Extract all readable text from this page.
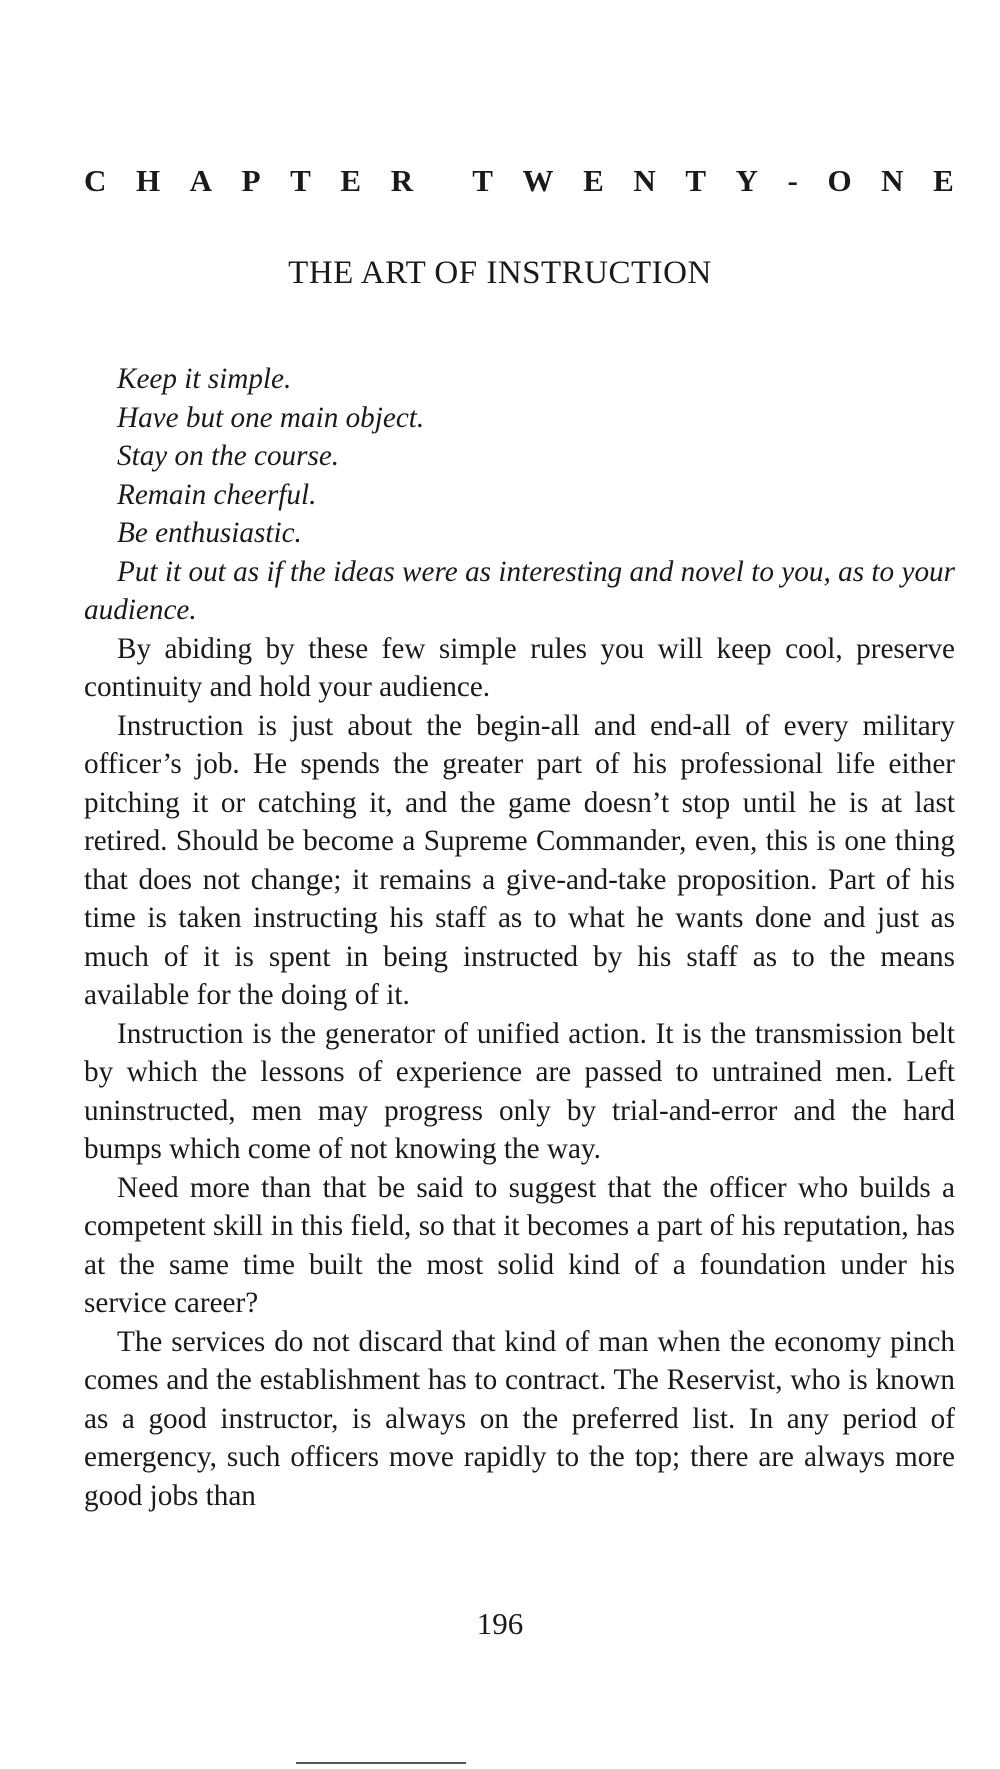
C H A P T E R T W E N T Y - O N E
THE ART OF INSTRUCTION

Keep it simple.

Have but one main object.

Stay on the course.

Remain cheerful.

Be enthusiastic.

Put it out as if the ideas were as interesting and novel to you, as to your audience.

By abiding by these few simple rules you will keep cool, preserve continuity and hold your audience.

Instruction is just about the begin-all and end-all of every military officer’s job. He spends the greater part of his professional life either pitching it or catching it, and the game doesn’t stop until he is at last retired. Should be become a Supreme Commander, even, this is one thing that does not change; it remains a give-and-take proposition. Part of his time is taken instructing his staff as to what he wants done and just as much of it is spent in being instructed by his staff as to the means available for the doing of it.

Instruction is the generator of unified action. It is the transmission belt by which the lessons of experience are passed to untrained men. Left uninstructed, men may progress only by trial-and-error and the hard bumps which come of not knowing the way.

Need more than that be said to suggest that the officer who builds a competent skill in this field, so that it becomes a part of his reputation, has at the same time built the most solid kind of a foundation under his service career?

The services do not discard that kind of man when the economy pinch comes and the establishment has to contract. The Reservist, who is known as a good instructor, is always on the preferred list. In any period of emergency, such officers move rapidly to the top; there are always more good jobs than

196
